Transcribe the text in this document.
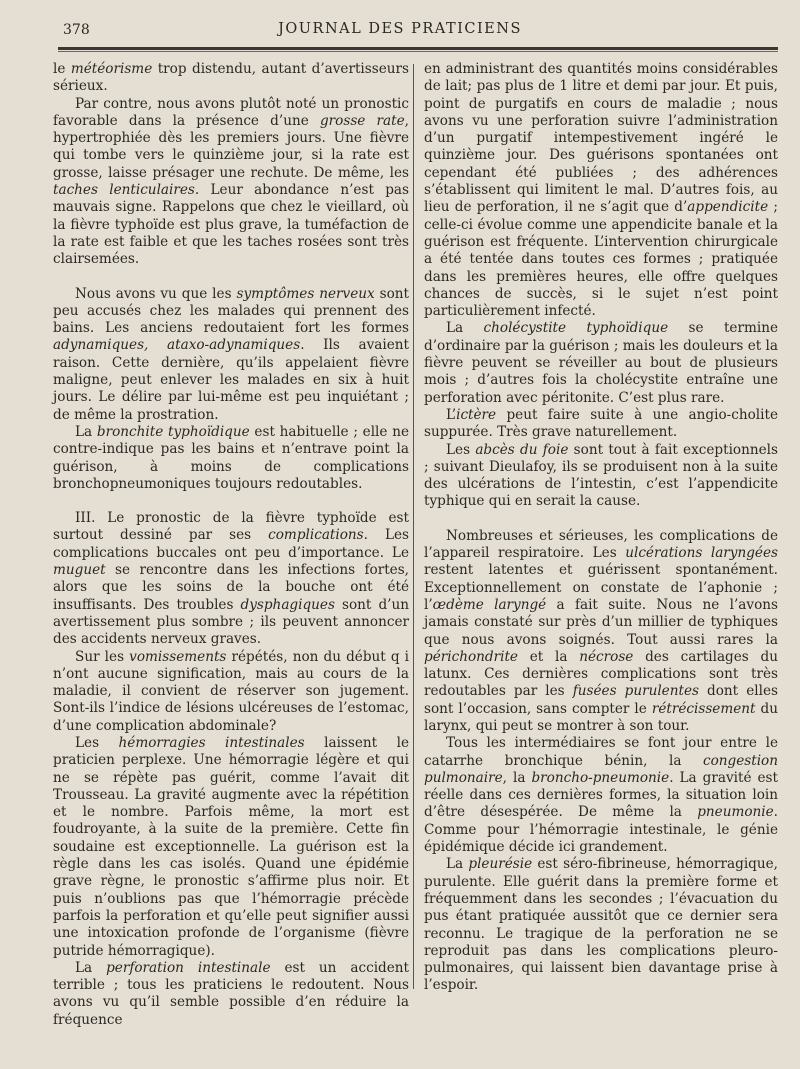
378	JOURNAL DES PRATICIENS

le météorisme trop distendu, autant d’avertisseurs sérieux.

Par contre, nous avons plutôt noté un pronostic favorable dans la présence d’une grosse rate, hypertrophiée dès les premiers jours. Une fièvre qui tombe vers le quinzième jour, si la rate est grosse, laisse présager une rechute. De même, les taches lenticulaires. Leur abondance n’est pas mauvais signe. Rappelons que chez le vieillard, où la fièvre typhoïde est plus grave, la tuméfaction de la rate est faible et que les taches rosées sont très clairsemées.

Nous avons vu que les symptômes nerveux sont peu accusés chez les malades qui prennent des bains. Les anciens redoutaient fort les formes adynamiques, ataxo-adynamiques. Ils avaient raison. Cette dernière, qu’ils appelaient fièvre maligne, peut enlever les malades en six à huit jours. Le délire par lui-même est peu inquiétant ; de même la prostration.

La bronchite typhoïdique est habituelle ; elle ne contre-indique pas les bains et n’entrave point la guérison, à moins de complications bronchopneumoniques toujours redoutables.

III. Le pronostic de la fièvre typhoïde est surtout dessiné par ses complications. Les complications buccales ont peu d’importance. Le muguet se rencontre dans les infections fortes, alors que les soins de la bouche ont été insuffisants. Des troubles dysphagiques sont d’un avertissement plus sombre ; ils peuvent annoncer des accidents nerveux graves.

Sur les vomissements répétés, non du début q i n’ont aucune signification, mais au cours de la maladie, il convient de réserver son jugement. Sont-ils l’indice de lésions ulcéreuses de l’estomac, d’une complication abdominale?

Les hémorragies intestinales laissent le praticien perplexe. Une hémorragie légère et qui ne se répète pas guérit, comme l’avait dit Trousseau. La gravité augmente avec la répétition et le nombre. Parfois même, la mort est foudroyante, à la suite de la première. Cette fin soudaine est exceptionnelle. La guérison est la règle dans les cas isolés. Quand une épidémie grave règne, le pronostic s’affirme plus noir. Et puis n’oublions pas que l’hémorragie précède parfois la perforation et qu’elle peut signifier aussi une intoxication profonde de l’organisme (fièvre putride hémorragique).

La perforation intestinale est un accident terrible ; tous les praticiens le redoutent. Nous avons vu qu’il semble possible d’en réduire la fréquence

en administrant des quantités moins considérables de lait; pas plus de 1 litre et demi par jour. Et puis, point de purgatifs en cours de maladie ; nous avons vu une perforation suivre l’administration d’un purgatif intempestivement ingéré le quinzième jour. Des guérisons spontanées ont cependant été publiées ; des adhérences s’établissent qui limitent le mal. D’autres fois, au lieu de perforation, il ne s’agit que d’appendicite ; celle-ci évolue comme une appendicite banale et la guérison est fréquente. L’intervention chirurgicale a été tentée dans toutes ces formes ; pratiquée dans les premières heures, elle offre quelques chances de succès, si le sujet n’est point particulièrement infecté.

La cholécystite typhoïdique se termine d’ordinaire par la guérison ; mais les douleurs et la fièvre peuvent se réveiller au bout de plusieurs mois ; d’autres fois la cholécystite entraîne une perforation avec péritonite. C’est plus rare.

L’ictère peut faire suite à une angio-cholite suppurée. Très grave naturellement.

Les abcès du foie sont tout à fait exceptionnels ; suivant Dieulafoy, ils se produisent non à la suite des ulcérations de l’intestin, c’est l’appendicite typhique qui en serait la cause.

Nombreuses et sérieuses, les complications de l’appareil respiratoire. Les ulcérations laryngées restent latentes et guérissent spontanément. Exceptionnellement on constate de l’aphonie ; l’œdème laryngé a fait suite. Nous ne l’avons jamais constaté sur près d’un millier de typhiques que nous avons soignés. Tout aussi rares la périchondrite et la nécrose des cartilages du latunx. Ces dernières complications sont très redoutables par les fusées purulentes dont elles sont l’occasion, sans compter le rétrécissement du larynx, qui peut se montrer à son tour.

Tous les intermédiaires se font jour entre le catarrhe bronchique bénin, la congestion pulmonaire, la broncho-pneumonie. La gravité est réelle dans ces dernières formes, la situation loin d’être désespérée. De même la pneumonie. Comme pour l’hémorragie intestinale, le génie épidémique décide ici grandement.

La pleurésie est séro-fibrineuse, hémorragique, purulente. Elle guérit dans la première forme et fréquemment dans les secondes ; l’évacuation du pus étant pratiquée aussitôt que ce dernier sera reconnu. Le tragique de la perforation ne se reproduit pas dans les complications pleuro-pulmonaires, qui laissent bien davantage prise à l’espoir.
